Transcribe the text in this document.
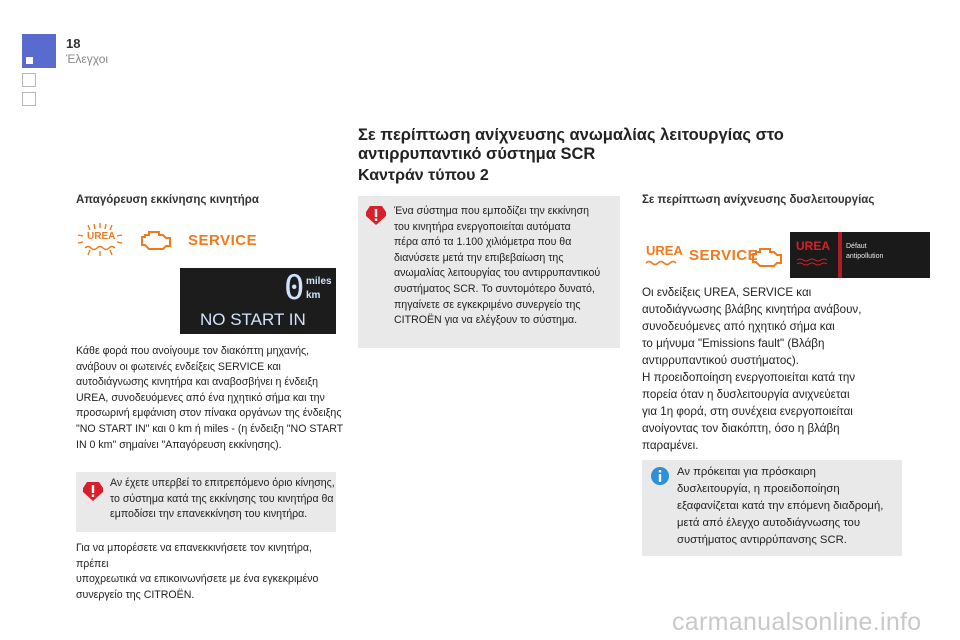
18
Έλεγχοι
Σε περίπτωση ανίχνευσης ανωμαλίας λειτουργίας στο
αντιρρυπαντικό σύστημα SCR
Καντράν τύπου 2
Απαγόρευση εκκίνησης κινητήρα
UREA	SERVICE
0 miles
km
NO START IN
Κάθε φορά που ανοίγουμε τον διακόπτη μηχανής,
ανάβουν οι φωτεινές ενδείξεις SERVICE και
αυτοδιάγνωσης κινητήρα και αναβοσβήνει η ένδειξη
UREA, συνοδευόμενες από ένα ηχητικό σήμα και την
προσωρινή εμφάνιση στον πίνακα οργάνων της ένδειξης
"NO START IN" και 0 km ή miles - (η ένδειξη "NO START
IN 0 km" σημαίνει "Απαγόρευση εκκίνησης).
Αν έχετε υπερβεί το επιτρεπόμενο όριο κίνησης,
το σύστημα κατά της εκκίνησης του κινητήρα θα
εμποδίσει την επανεκκίνηση του κινητήρα.
Για να μπορέσετε να επανεκκινήσετε τον κινητήρα, πρέπει
υποχρεωτικά να επικοινωνήσετε με ένα εγκεκριμένο
συνεργείο της CITROËN.
Ένα σύστημα που εμποδίζει την εκκίνηση
του κινητήρα ενεργοποιείται αυτόματα
πέρα από τα 1.100 χιλιόμετρα που θα
διανύσετε μετά την επιβεβαίωση της
ανωμαλίας λειτουργίας του αντιρρυπαντικού
συστήματος SCR. Το συντομότερο δυνατό,
πηγαίνετε σε εγκεκριμένο συνεργείο της
CITROËN για να ελέγξουν το σύστημα.
Σε περίπτωση ανίχνευσης δυσλειτουργίας
UREA SERVICE
UREA Défaut
antipollution
Οι ενδείξεις UREA, SERVICE και
αυτοδιάγνωσης βλάβης κινητήρα ανάβουν,
συνοδευόμενες από ηχητικό σήμα και
το μήνυμα "Emissions fault" (Βλάβη
αντιρρυπαντικού συστήματος).
Η προειδοποίηση ενεργοποιείται κατά την
πορεία όταν η δυσλειτουργία ανιχνεύεται
για 1η φορά, στη συνέχεια ενεργοποιείται
ανοίγοντας τον διακόπτη, όσο η βλάβη
παραμένει.
Αν πρόκειται για πρόσκαιρη
δυσλειτουργία, η προειδοποίηση
εξαφανίζεται κατά την επόμενη διαδρομή,
μετά από έλεγχο αυτοδιάγνωσης του
συστήματος αντιρρύπανσης SCR.
carmanualsonline.info
